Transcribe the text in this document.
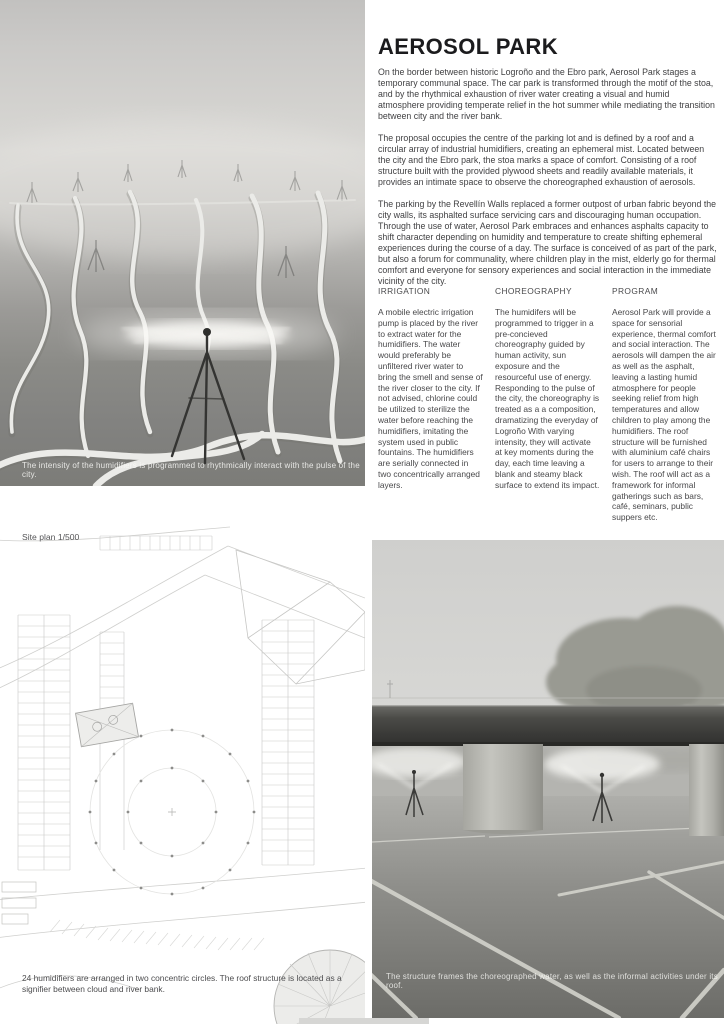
The intensity of the humidifiers is programmed to rhythmically interact with the pulse of the city.
AEROSOL PARK

On the border between historic Logroño and the Ebro park, Aerosol Park stages a temporary communal space. The car park is transformed through the motif of the stoa, and by the rhythmical exhaustion of river water creating a visual and humid atmosphere providing temperate relief in the hot summer while mediating the transition between city and the river bank.

The proposal occupies the centre of the parking lot and is defined by a roof and a circular array of industrial humidifiers, creating an ephemeral mist. Located between the city and the Ebro park, the stoa marks a space of comfort. Consisting of a roof structure built with the provided plywood sheets and readily available materials, it provides an intimate space to observe the choreographed exhaustion of aerosols.

The parking by the Revellín Walls replaced a former outpost of urban fabric beyond the city walls, its asphalted surface servicing cars and discouraging human occupation. Through the use of water, Aerosol Park embraces and enhances asphalts capacity to shift character depending on humidity and temperature to create shifting ephemeral experiences during the course of a day. The surface is conceived of as part of the park, but also a forum for communality, where children play in the mist, elderly go for thermal comfort and everyone for sensory experiences and social interaction in the immediate vicinity of the city.

IRRIGATION

A mobile electric irrigation pump is placed by the river to extract water for the humidifiers. The water would preferably be unfiltered river water to bring the smell and sense of the river closer to the city. If not advised, chlorine could be utilized to sterilize the water before reaching the humidifiers, imitating the system used in public fountains. The humidifiers are serially connected in two concentrically arranged layers.

CHOREOGRAPHY

The humidifers will be programmed to trigger in a pre-concieved choreography guided by human activity, sun exposure and the resourceful use of energy. Responding to the pulse of the city, the choreography is treated as a a composition, dramatizing the everyday of Logroño With varying intensity, they will activate at key moments during the day, each time leaving a blank and steamy black surface to extend its impact.

PROGRAM

Aerosol Park will provide a space for sensorial experience, thermal comfort and social interaction. The aerosols will dampen the air as well as the asphalt, leaving a lasting humid atmosphere for people seeking relief from high temperatures and allow children to play among the humidifiers. The roof structure will be furnished with aluminium café chairs for users to arrange to their wish. The roof will act as a framework for informal gatherings such as bars, café, seminars, public suppers etc.

Site plan 1/500
24 humidifiers are arranged in two concentric circles. The roof structure is located as a signifier between cloud and river bank.
The structure frames the choreographed water, as well as the informal activities under its roof.
